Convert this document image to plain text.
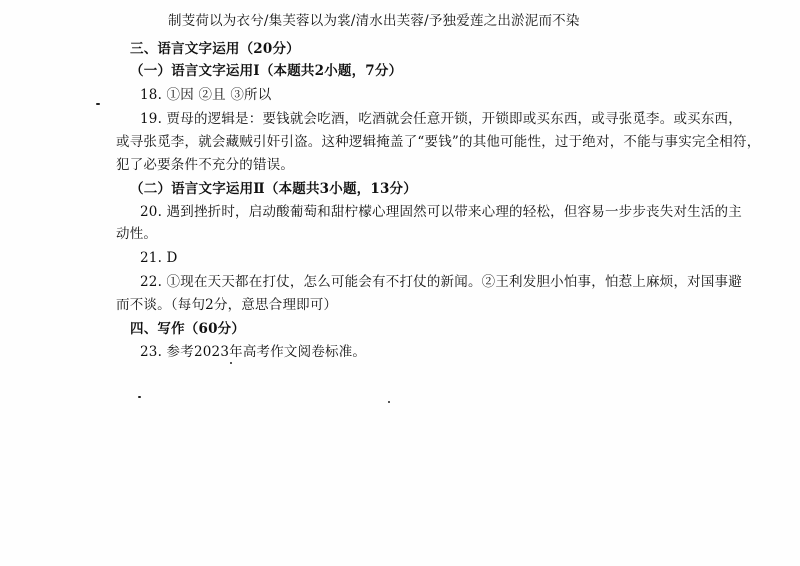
制芰荷以为衣兮/集芙蓉以为裳/清水出芙蓉/予独爱莲之出淤泥而不染
三、语言文字运用（20分）
（一）语言文字运用Ⅰ（本题共2小题，7分）
18. ①因 ②且 ③所以
19. 贾母的逻辑是：要钱就会吃酒，吃酒就会任意开锁，开锁即或买东西，或寻张觅李。或买东西，
或寻张觅李，就会藏贼引奸引盗。这种逻辑掩盖了“要钱”的其他可能性，过于绝对，不能与事实完全相符，
犯了必要条件不充分的错误。
（二）语言文字运用Ⅱ（本题共3小题，13分）
20. 遇到挫折时，启动酸葡萄和甜柠檬心理固然可以带来心理的轻松，但容易一步步丧失对生活的主
动性。
21. D
22. ①现在天天都在打仗，怎么可能会有不打仗的新闻。②王利发胆小怕事，怕惹上麻烦，对国事避
而不谈。（每句2分，意思合理即可）
四、写作（60分）
23. 参考2023年高考作文阅卷标准。
